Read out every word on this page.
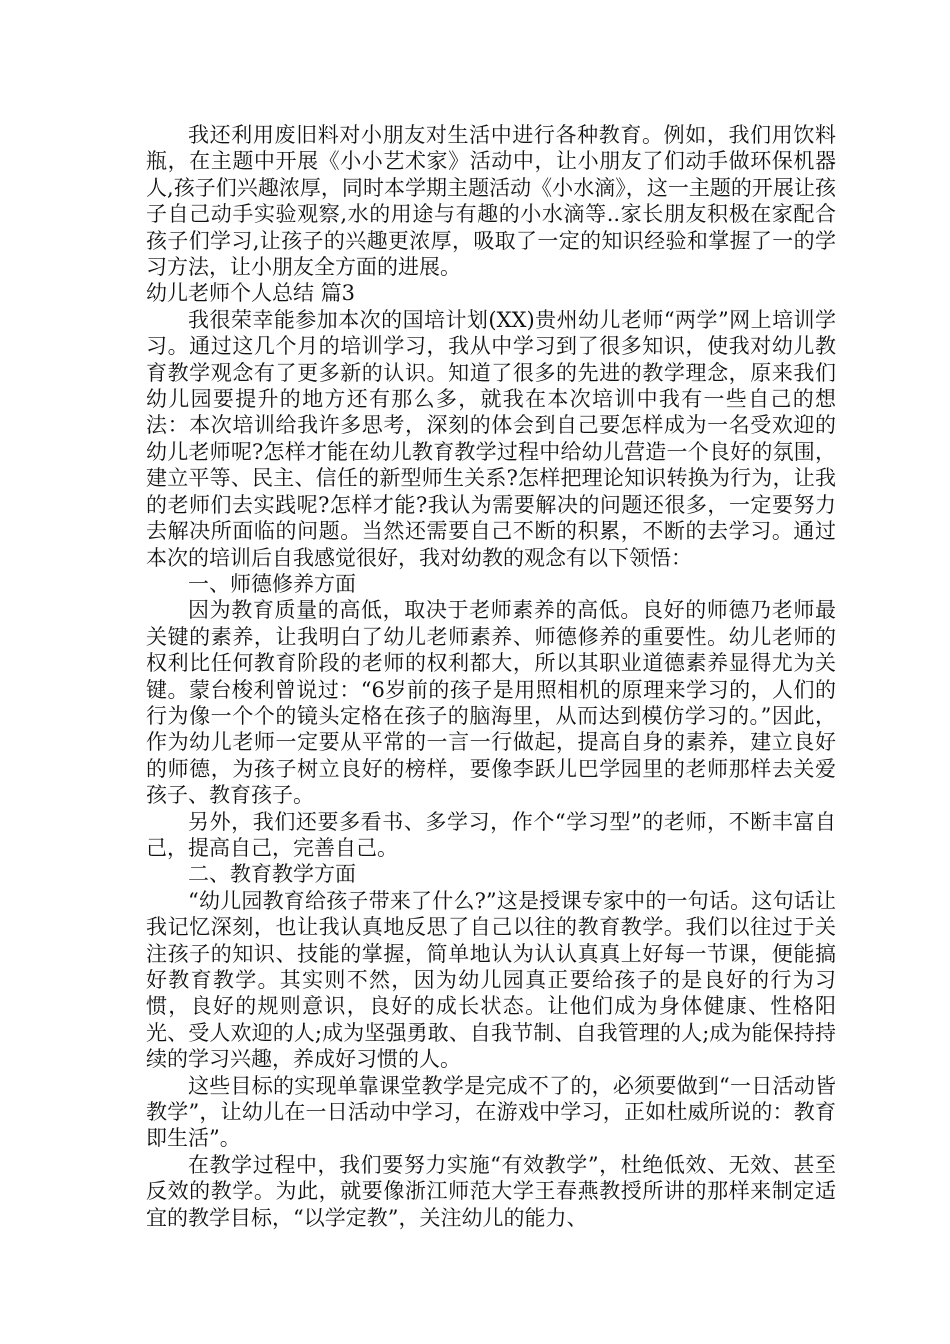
我还利用废旧料对小朋友对生活中进行各种教育。例如，我们用饮料瓶，在主题中开展《小小艺术家》活动中，让小朋友了们动手做环保机器人,孩子们兴趣浓厚，同时本学期主题活动《小水滴》，这一主题的开展让孩子自己动手实验观察,水的用途与有趣的小水滴等..家长朋友积极在家配合孩子们学习,让孩子的兴趣更浓厚，吸取了一定的知识经验和掌握了一的学习方法，让小朋友全方面的进展。

幼儿老师个人总结 篇3

我很荣幸能参加本次的国培计划(XX)贵州幼儿老师“两学”网上培训学习。通过这几个月的培训学习，我从中学习到了很多知识，使我对幼儿教育教学观念有了更多新的认识。知道了很多的先进的教学理念，原来我们幼儿园要提升的地方还有那么多，就我在本次培训中我有一些自己的想法：本次培训给我许多思考，深刻的体会到自己要怎样成为一名受欢迎的幼儿老师呢?怎样才能在幼儿教育教学过程中给幼儿营造一个良好的氛围，建立平等、民主、信任的新型师生关系?怎样把理论知识转换为行为，让我的老师们去实践呢?怎样才能?我认为需要解决的问题还很多，一定要努力去解决所面临的问题。当然还需要自己不断的积累，不断的去学习。通过本次的培训后自我感觉很好，我对幼教的观念有以下领悟：

一、师德修养方面

因为教育质量的高低，取决于老师素养的高低。良好的师德乃老师最关键的素养，让我明白了幼儿老师素养、师德修养的重要性。幼儿老师的权利比任何教育阶段的老师的权利都大，所以其职业道德素养显得尤为关键。蒙台梭利曾说过：“6岁前的孩子是用照相机的原理来学习的，人们的行为像一个个的镜头定格在孩子的脑海里，从而达到模仿学习的。”因此，作为幼儿老师一定要从平常的一言一行做起，提高自身的素养，建立良好的师德，为孩子树立良好的榜样，要像李跃儿巴学园里的老师那样去关爱孩子、教育孩子。

另外，我们还要多看书、多学习，作个“学习型”的老师，不断丰富自己，提高自己，完善自己。

二、教育教学方面

“幼儿园教育给孩子带来了什么?”这是授课专家中的一句话。这句话让我记忆深刻，也让我认真地反思了自己以往的教育教学。我们以往过于关注孩子的知识、技能的掌握，简单地认为认认真真上好每一节课，便能搞好教育教学。其实则不然，因为幼儿园真正要给孩子的是良好的行为习惯，良好的规则意识，良好的成长状态。让他们成为身体健康、性格阳光、受人欢迎的人;成为坚强勇敢、自我节制、自我管理的人;成为能保持持续的学习兴趣，养成好习惯的人。

这些目标的实现单靠课堂教学是完成不了的，必须要做到“一日活动皆教学”，让幼儿在一日活动中学习，在游戏中学习，正如杜威所说的：教育即生活”。

在教学过程中，我们要努力实施“有效教学”，杜绝低效、无效、甚至反效的教学。为此，就要像浙江师范大学王春燕教授所讲的那样来制定适宜的教学目标，“以学定教”，关注幼儿的能力、
